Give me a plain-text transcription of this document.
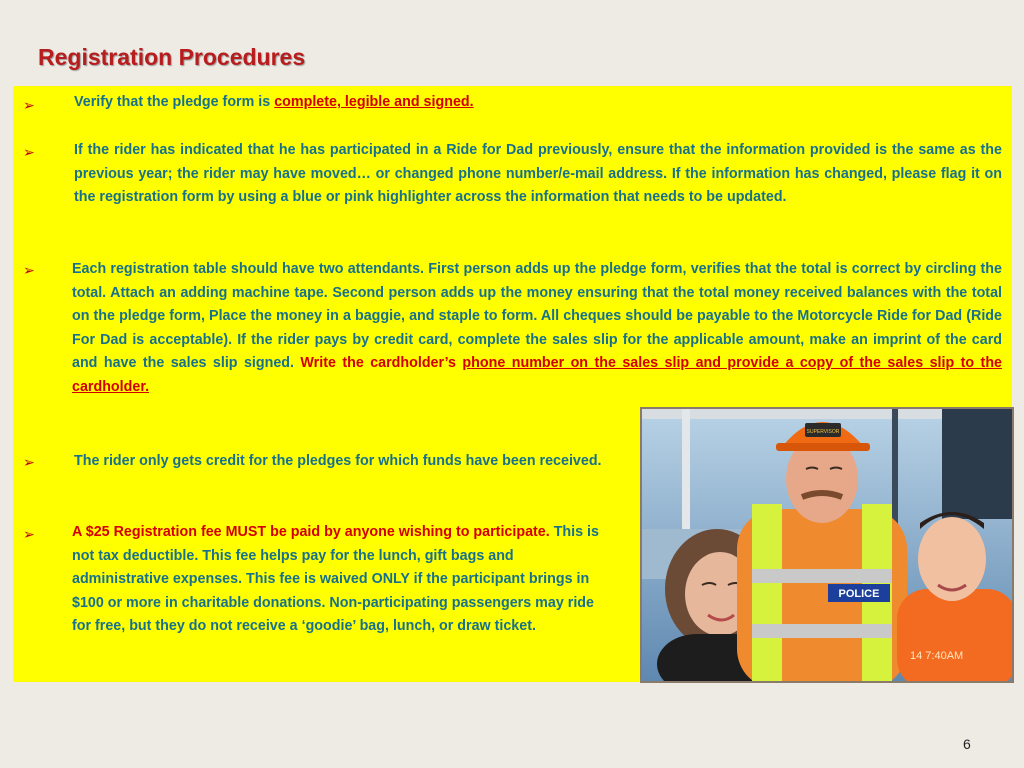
Registration Procedures
➢	Verify that the pledge form is complete, legible and signed.
➢	If the rider has indicated that he has participated in a Ride for Dad previously, ensure that the information provided is the same as the previous year; the rider may have moved… or changed phone number/e-mail address. If the information has changed, please flag it on the registration form by using a blue or pink highlighter across the information that needs to be updated.
➢	Each registration table should have two attendants. First person adds up the pledge form, verifies that the total is correct by circling the total. Attach an adding machine tape. Second person adds up the money ensuring that the total money received balances with the total on the pledge form, Place the money in a baggie, and staple to form. All cheques should be payable to the Motorcycle Ride for Dad (Ride For Dad is acceptable). If the rider pays by credit card, complete the sales slip for the applicable amount, make an imprint of the card and have the sales slip signed. Write the cardholder’s phone number on the sales slip and provide a copy of the sales slip to the cardholder.
➢	The rider only gets credit for the pledges for which funds have been received.
➢	A $25 Registration fee MUST be paid by anyone wishing to participate. This is not tax deductible. This fee helps pay for the lunch, gift bags and administrative expenses. This fee is waived ONLY if the participant brings in $100 or more in charitable donations. Non-participating passengers may ride for free, but they do not receive a ‘goodie’ bag, lunch, or draw ticket.
POLICE
SUPERVISOR
14 7:40AM
6
